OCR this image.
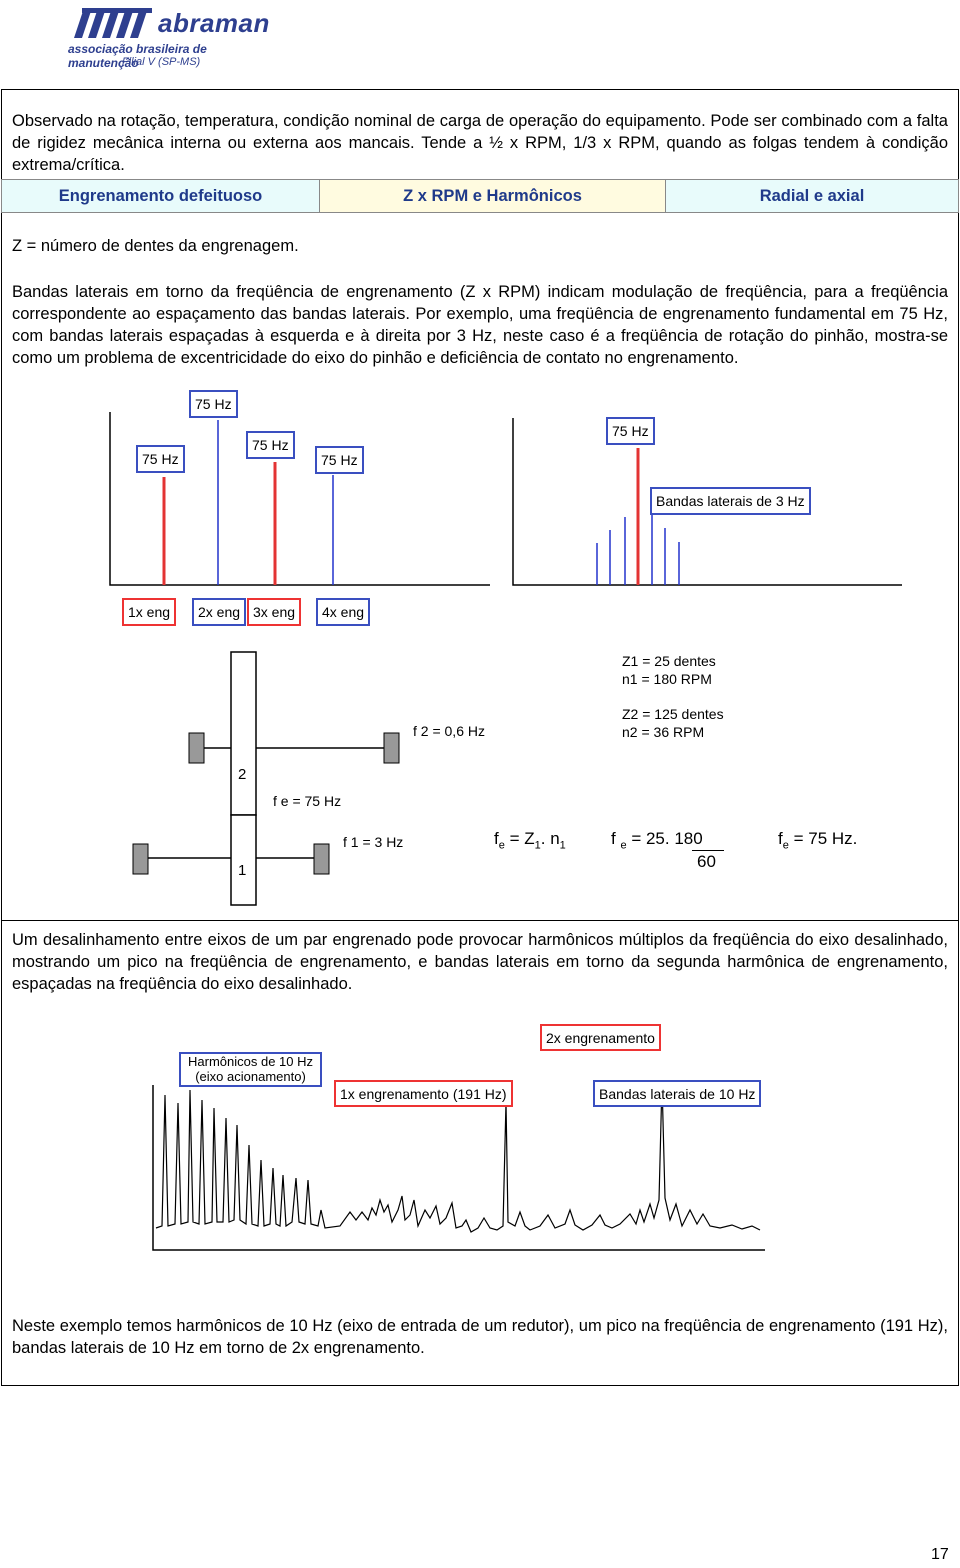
abraman
associação brasileira de manutenção
Filial V (SP-MS)
Observado na rotação, temperatura, condição nominal de carga de operação do equipamento. Pode ser combinado com a falta de rigidez mecânica interna ou externa aos mancais. Tende a ½ x RPM, 1/3 x RPM, quando as folgas tendem à condição extrema/crítica.
Engrenamento defeituoso	Z x RPM e Harmônicos	Radial e axial
Z = número de dentes da engrenagem.
Bandas laterais em torno da freqüência de engrenamento (Z x RPM) indicam modulação de freqüência, para a freqüência correspondente ao espaçamento das bandas laterais. Por exemplo, uma freqüência de engrenamento fundamental em 75 Hz, com bandas laterais espaçadas à esquerda e à direita por 3 Hz, neste caso é a freqüência de rotação do pinhão, mostra-se como um problema de excentricidade do eixo do pinhão e deficiência de contato no engrenamento.
75 Hz
75 Hz
75 Hz
75 Hz
1x eng	2x eng 3x eng	4x eng
75 Hz
Bandas laterais de 3 Hz
2
1
f 2 = 0,6 Hz
f e = 75 Hz
f 1 = 3 Hz
Z1 = 25 dentes
n1 = 180 RPM
Z2 = 125 dentes
n2 = 36 RPM
$f_e = Z_1$. $n_1$	f $_e$ = 25. 180
60
$f_e = 75$ Hz.
Um desalinhamento entre eixos de um par engrenado pode provocar harmônicos múltiplos da freqüência do eixo desalinhado, mostrando um pico na freqüência de engrenamento, e bandas laterais em torno da segunda harmônica de engrenamento, espaçadas na freqüência do eixo desalinhado.
Harmônicos de 10 Hz
(eixo acionamento)
1x engrenamento (191 Hz)
2x engrenamento
Bandas laterais de 10 Hz
Neste exemplo temos harmônicos de 10 Hz (eixo de entrada de um redutor), um pico na freqüência de engrenamento (191 Hz), bandas laterais de 10 Hz em torno de 2x engrenamento.
17
